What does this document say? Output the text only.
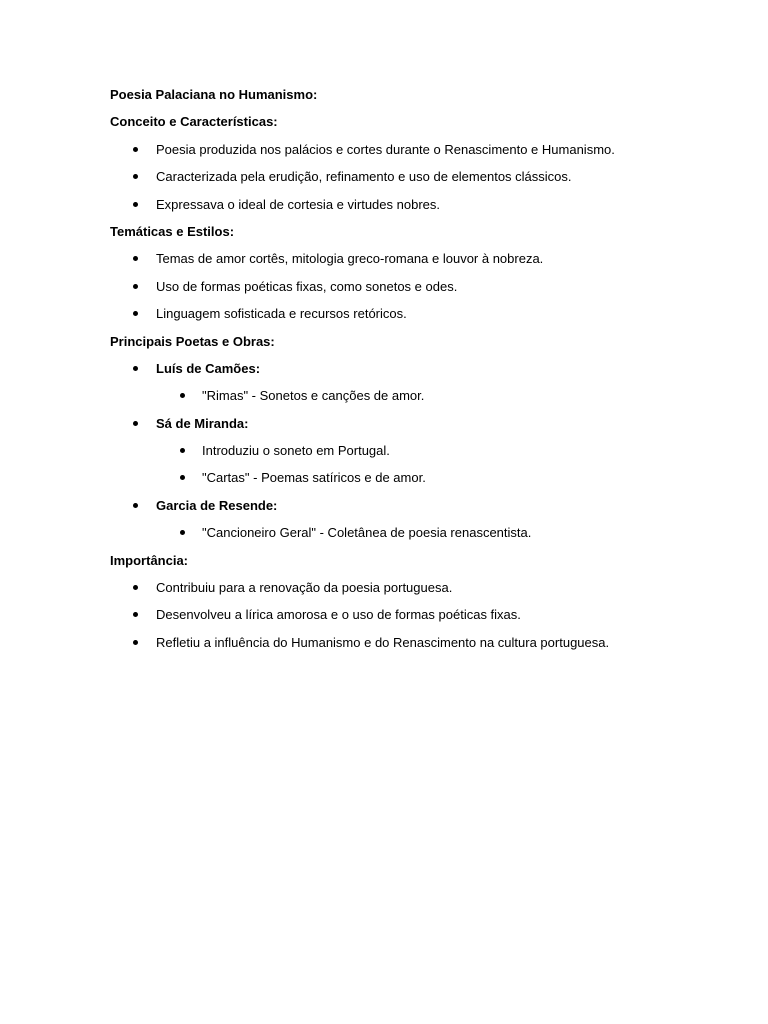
Poesia Palaciana no Humanismo:
Conceito e Características:
Poesia produzida nos palácios e cortes durante o Renascimento e Humanismo.
Caracterizada pela erudição, refinamento e uso de elementos clássicos.
Expressava o ideal de cortesia e virtudes nobres.
Temáticas e Estilos:
Temas de amor cortês, mitologia greco-romana e louvor à nobreza.
Uso de formas poéticas fixas, como sonetos e odes.
Linguagem sofisticada e recursos retóricos.
Principais Poetas e Obras:
Luís de Camões:
"Rimas" - Sonetos e canções de amor.
Sá de Miranda:
Introduziu o soneto em Portugal.
"Cartas" - Poemas satíricos e de amor.
Garcia de Resende:
"Cancioneiro Geral" - Coletânea de poesia renascentista.
Importância:
Contribuiu para a renovação da poesia portuguesa.
Desenvolveu a lírica amorosa e o uso de formas poéticas fixas.
Refletiu a influência do Humanismo e do Renascimento na cultura portuguesa.
